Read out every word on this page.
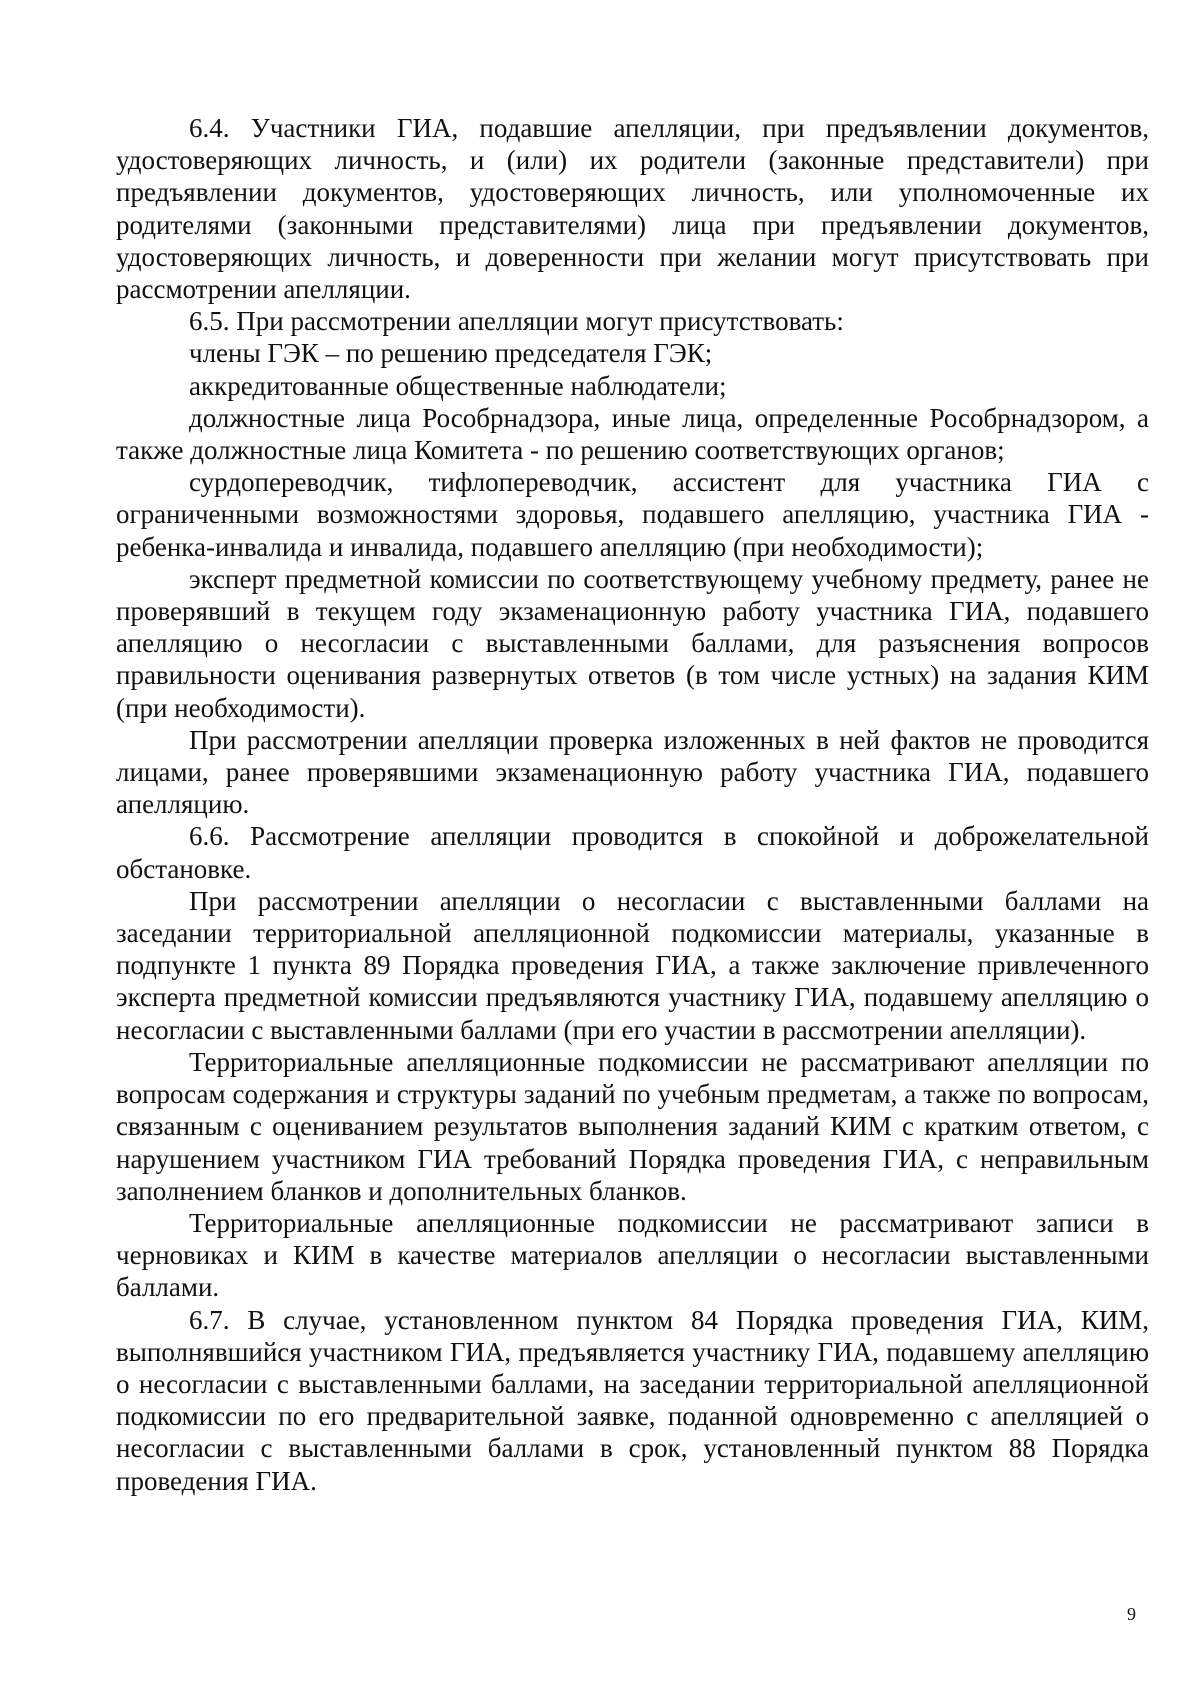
6.4. Участники ГИА, подавшие апелляции, при предъявлении документов, удостоверяющих личность, и (или) их родители (законные представители) при предъявлении документов, удостоверяющих личность, или уполномоченные их родителями (законными представителями) лица при предъявлении документов, удостоверяющих личность, и доверенности при желании могут присутствовать при рассмотрении апелляции.

6.5. При рассмотрении апелляции могут присутствовать:

члены ГЭК – по решению председателя ГЭК;

аккредитованные общественные наблюдатели;

должностные лица Рособрнадзора, иные лица, определенные Рособрнадзором, а также должностные лица Комитета - по решению соответствующих органов;

сурдопереводчик, тифлопереводчик, ассистент для участника ГИА с ограниченными возможностями здоровья, подавшего апелляцию, участника ГИА - ребенка-инвалида и инвалида, подавшего апелляцию (при необходимости);

эксперт предметной комиссии по соответствующему учебному предмету, ранее не проверявший в текущем году экзаменационную работу участника ГИА, подавшего апелляцию о несогласии с выставленными баллами, для разъяснения вопросов правильности оценивания развернутых ответов (в том числе устных) на задания КИМ (при необходимости).

При рассмотрении апелляции проверка изложенных в ней фактов не проводится лицами, ранее проверявшими экзаменационную работу участника ГИА, подавшего апелляцию.

6.6. Рассмотрение апелляции проводится в спокойной и доброжелательной обстановке.

При рассмотрении апелляции о несогласии с выставленными баллами на заседании территориальной апелляционной подкомиссии материалы, указанные в подпункте 1 пункта 89 Порядка проведения ГИА, а также заключение привлеченного эксперта предметной комиссии предъявляются участнику ГИА, подавшему апелляцию о несогласии с выставленными баллами (при его участии в рассмотрении апелляции).

Территориальные апелляционные подкомиссии не рассматривают апелляции по вопросам содержания и структуры заданий по учебным предметам, а также по вопросам, связанным с оцениванием результатов выполнения заданий КИМ с кратким ответом, с нарушением участником ГИА требований Порядка проведения ГИА, с неправильным заполнением бланков и дополнительных бланков.

Территориальные апелляционные подкомиссии не рассматривают записи в черновиках и КИМ в качестве материалов апелляции о несогласии выставленными баллами.

6.7. В случае, установленном пунктом 84 Порядка проведения ГИА, КИМ, выполнявшийся участником ГИА, предъявляется участнику ГИА, подавшему апелляцию о несогласии с выставленными баллами, на заседании территориальной апелляционной подкомиссии по его предварительной заявке, поданной одновременно с апелляцией о несогласии с выставленными баллами в срок, установленный пунктом 88 Порядка проведения ГИА.

9
